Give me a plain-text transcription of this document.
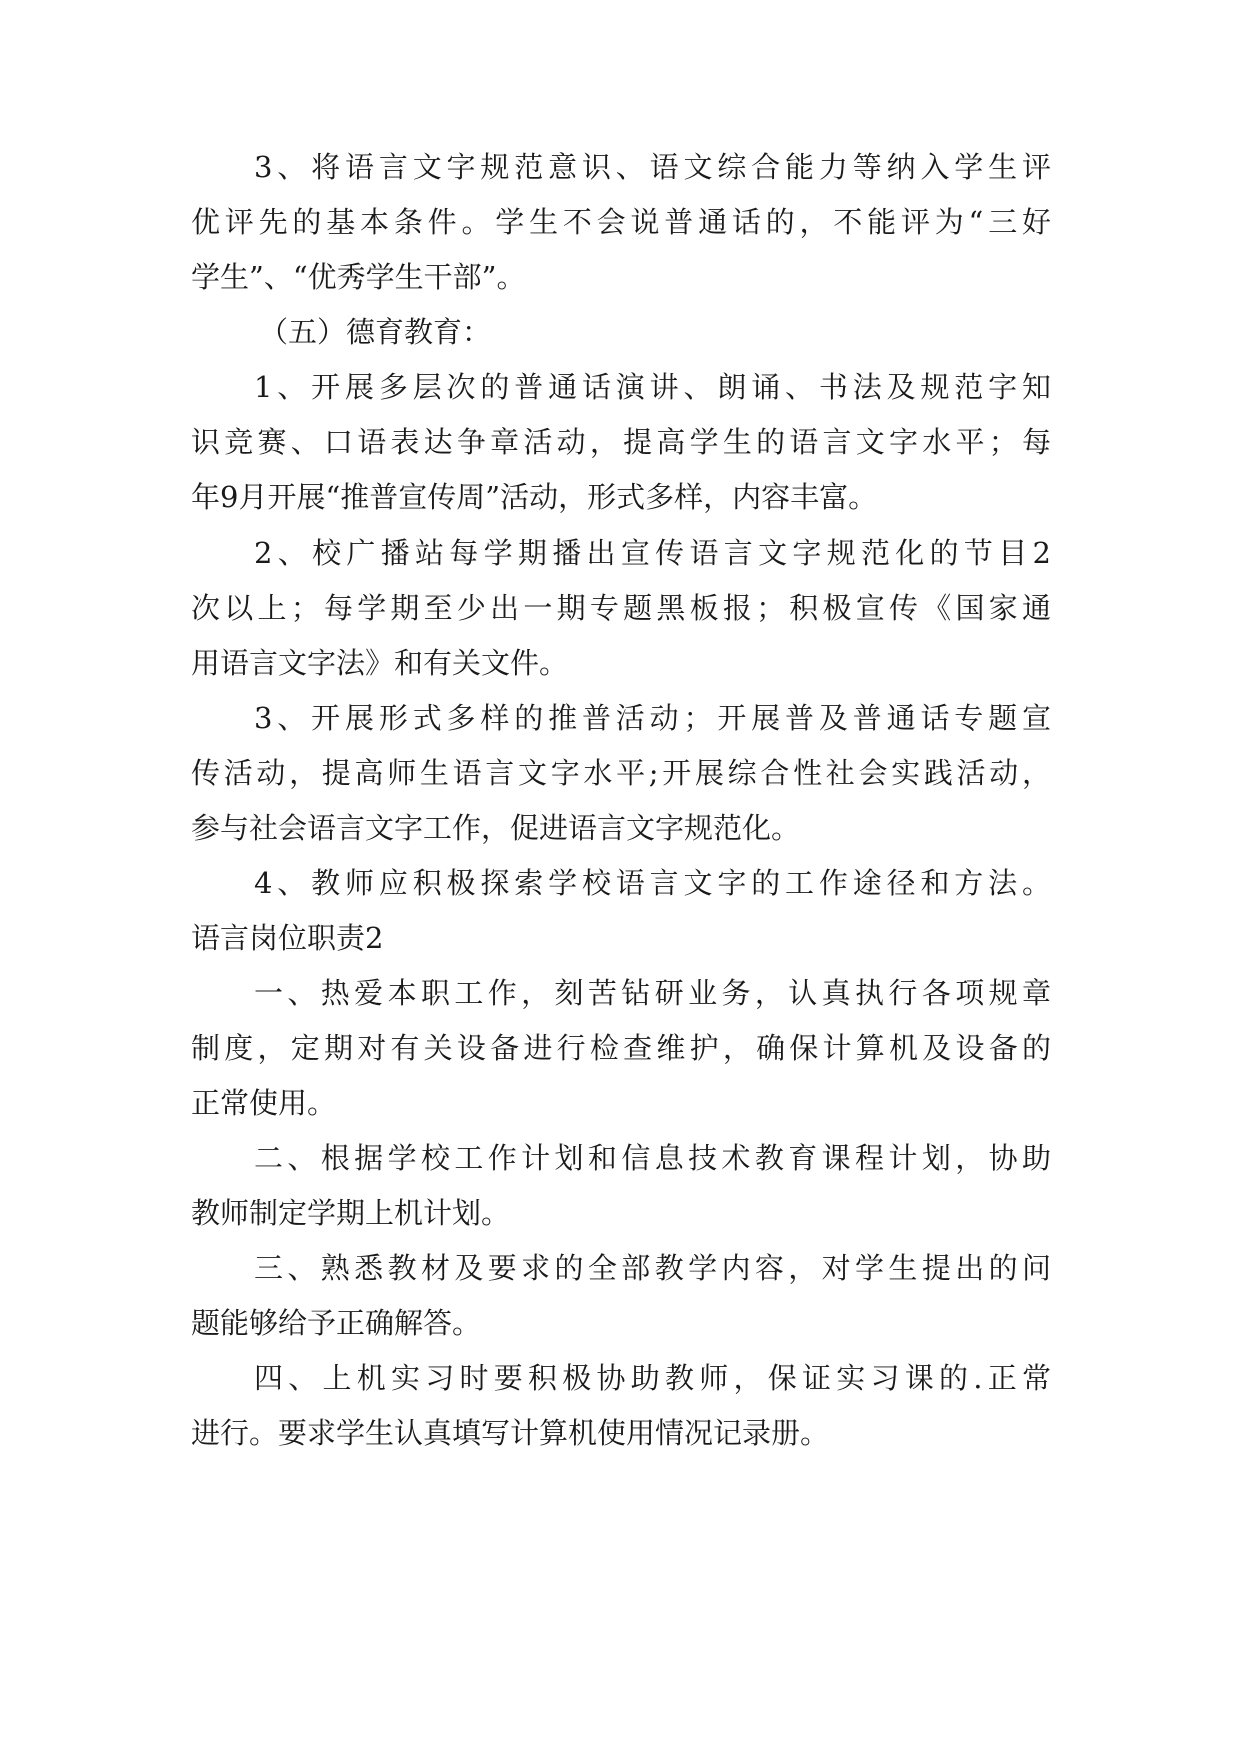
3、将语言文字规范意识、语文综合能力等纳入学生评
优评先的基本条件。学生不会说普通话的，不能评为“三好
学生”、“优秀学生干部”。
（五）德育教育：
1、开展多层次的普通话演讲、朗诵、书法及规范字知
识竞赛、口语表达争章活动，提高学生的语言文字水平；每
年9月开展“推普宣传周”活动，形式多样，内容丰富。
2、校广播站每学期播出宣传语言文字规范化的节目2
次以上；每学期至少出一期专题黑板报；积极宣传《国家通
用语言文字法》和有关文件。
3、开展形式多样的推普活动；开展普及普通话专题宣
传活动，提高师生语言文字水平;开展综合性社会实践活动，
参与社会语言文字工作，促进语言文字规范化。
4、教师应积极探索学校语言文字的工作途径和方法。
语言岗位职责2
一、热爱本职工作，刻苦钻研业务，认真执行各项规章
制度，定期对有关设备进行检查维护，确保计算机及设备的
正常使用。
二、根据学校工作计划和信息技术教育课程计划，协助
教师制定学期上机计划。
三、熟悉教材及要求的全部教学内容，对学生提出的问
题能够给予正确解答。
四、上机实习时要积极协助教师，保证实习课的.正常
进行。要求学生认真填写计算机使用情况记录册。
